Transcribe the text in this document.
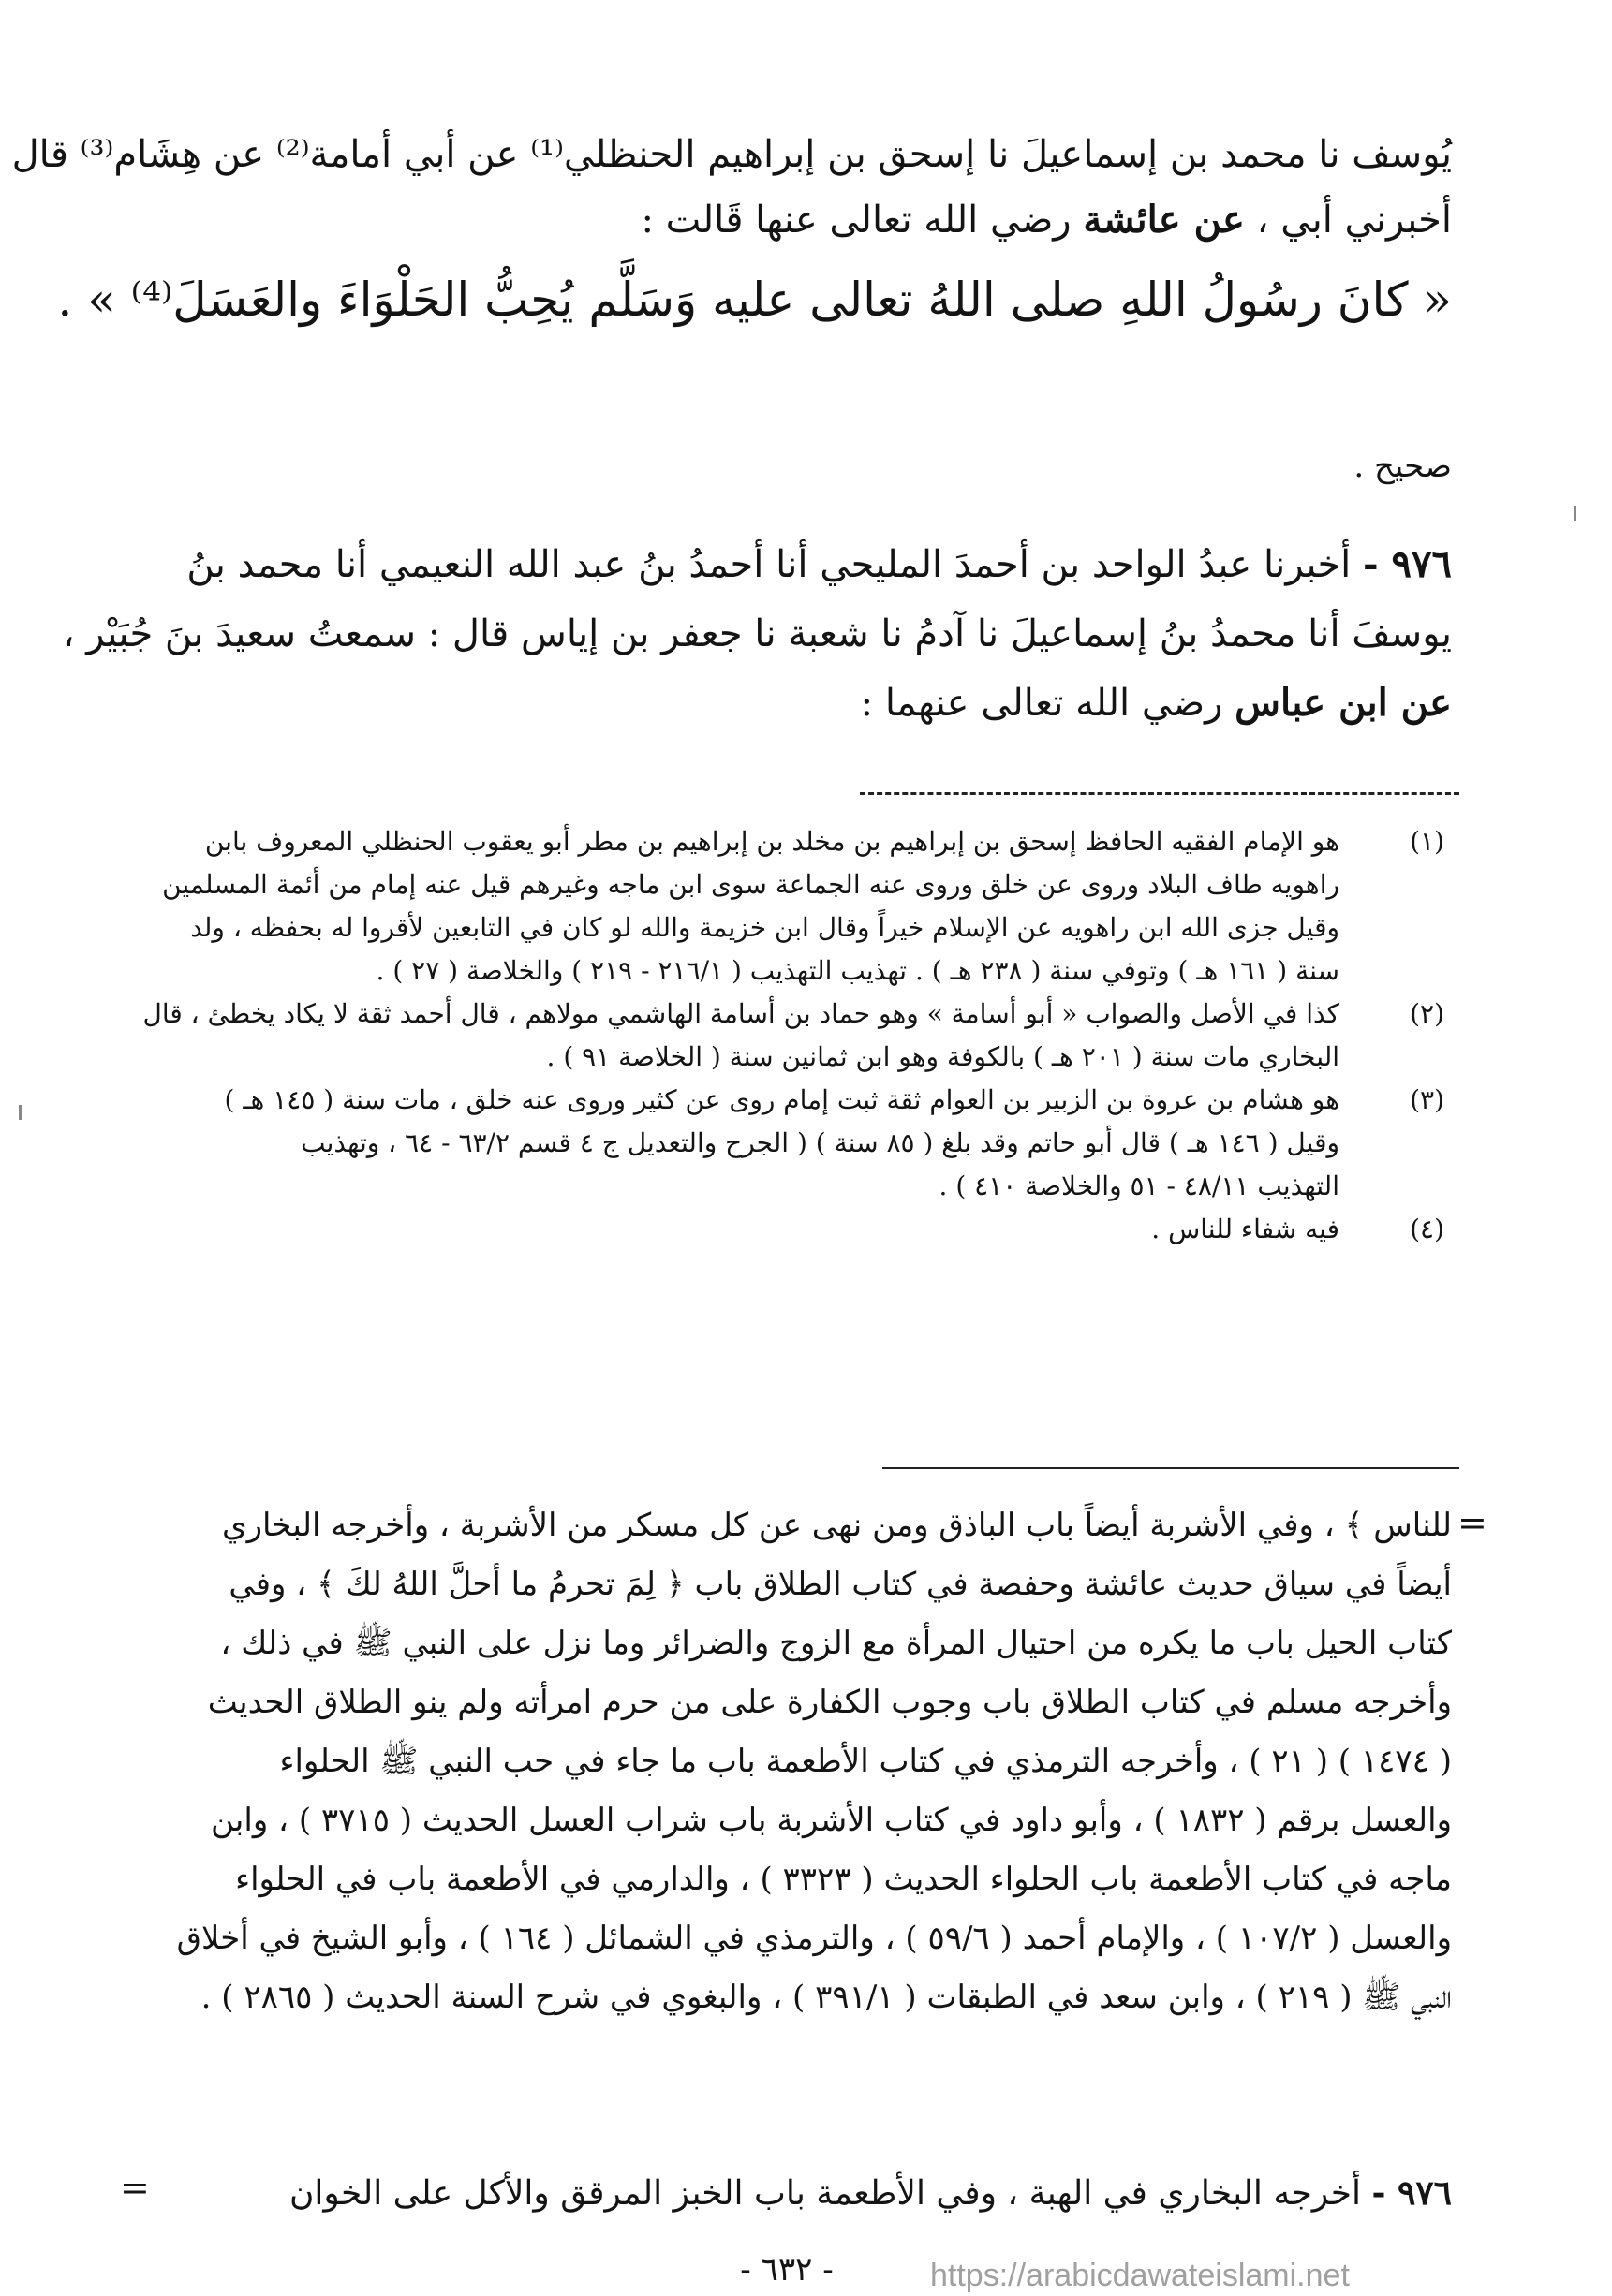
يُوسف نا محمد بن إسماعيلَ نا إسحق بن إبراهيم الحنظلي⁽¹⁾ عن أبي أمامة⁽²⁾ عن هِشَام⁽³⁾ قال
أخبرني أبي ، عن عائشة رضي الله تعالى عنها قَالت :
« كانَ رسُولُ اللهِ صلى اللهُ تعالى عليه وَسَلَّم يُحِبُّ الحَلْوَاءَ والعَسَلَ⁽⁴⁾ » .
صحيح .
٩٧٦ - أخبرنا عبدُ الواحد بن أحمدَ المليحي أنا أحمدُ بنُ عبد الله النعيمي أنا محمد بنُ
يوسفَ أنا محمدُ بنُ إسماعيلَ نا آدمُ نا شعبة نا جعفر بن إياس قال : سمعتُ سعيدَ بنَ جُبَيْر ،
عن ابن عباس رضي الله تعالى عنهما :
(١)
هو الإمام الفقيه الحافظ إسحق بن إبراهيم بن مخلد بن إبراهيم بن مطر أبو يعقوب الحنظلي المعروف بابن
راهويه طاف البلاد وروى عن خلق وروى عنه الجماعة سوى ابن ماجه وغيرهم قيل عنه إمام من أئمة المسلمين
وقيل جزى الله ابن راهويه عن الإسلام خيراً وقال ابن خزيمة والله لو كان في التابعين لأقروا له بحفظه ، ولد
سنة ( ١٦١ هـ ) وتوفي سنة ( ٢٣٨ هـ ) . تهذيب التهذيب ( ٢١٦/١ - ٢١٩ ) والخلاصة ( ٢٧ ) .
(٢)
كذا في الأصل والصواب « أبو أسامة » وهو حماد بن أسامة الهاشمي مولاهم ، قال أحمد ثقة لا يكاد يخطئ ، قال
البخاري مات سنة ( ٢٠١ هـ ) بالكوفة وهو ابن ثمانين سنة ( الخلاصة ٩١ ) .
(٣)
هو هشام بن عروة بن الزبير بن العوام ثقة ثبت إمام روى عن كثير وروى عنه خلق ، مات سنة ( ١٤٥ هـ )
وقيل ( ١٤٦ هـ ) قال أبو حاتم وقد بلغ ( ٨٥ سنة ) ( الجرح والتعديل ج ٤ قسم ٦٣/٢ - ٦٤ ، وتهذيب
التهذيب ٤٨/١١ - ٥١ والخلاصة ٤١٠ ) .
(٤)
فيه شفاء للناس .
=
للناس ﴾ ، وفي الأشربة أيضاً باب الباذق ومن نهى عن كل مسكر من الأشربة ، وأخرجه البخاري
أيضاً في سياق حديث عائشة وحفصة في كتاب الطلاق باب ﴿ لِمَ تحرمُ ما أحلَّ اللهُ لكَ ﴾ ، وفي
كتاب الحيل باب ما يكره من احتيال المرأة مع الزوج والضرائر وما نزل على النبي ﷺ في ذلك ،
وأخرجه مسلم في كتاب الطلاق باب وجوب الكفارة على من حرم امرأته ولم ينو الطلاق الحديث
( ١٤٧٤ ) ( ٢١ ) ، وأخرجه الترمذي في كتاب الأطعمة باب ما جاء في حب النبي ﷺ الحلواء
والعسل برقم ( ١٨٣٢ ) ، وأبو داود في كتاب الأشربة باب شراب العسل الحديث ( ٣٧١٥ ) ، وابن
ماجه في كتاب الأطعمة باب الحلواء الحديث ( ٣٣٢٣ ) ، والدارمي في الأطعمة باب في الحلواء
والعسل ( ١٠٧/٢ ) ، والإمام أحمد ( ٥٩/٦ ) ، والترمذي في الشمائل ( ١٦٤ ) ، وأبو الشيخ في أخلاق
النبي ﷺ ( ٢١٩ ) ، وابن سعد في الطبقات ( ٣٩١/١ ) ، والبغوي في شرح السنة الحديث ( ٢٨٦٥ ) .
٩٧٦ - أخرجه البخاري في الهبة ، وفي الأطعمة باب الخبز المرقق والأكل على الخوان
=
- ٦٣٢ -	https://arabicdawateislami.net
